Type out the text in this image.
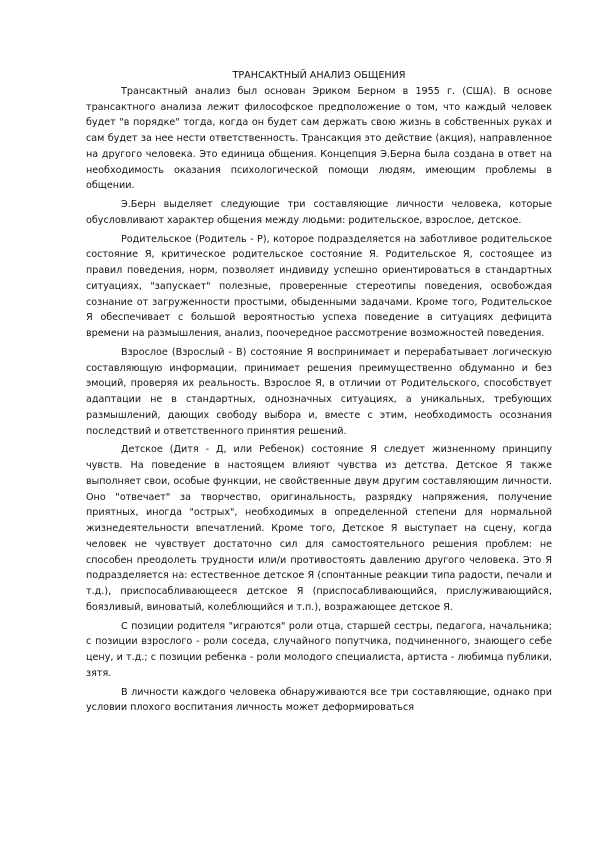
ТРАНСАКТНЫЙ АНАЛИЗ ОБЩЕНИЯ

Трансактный анализ был основан Эриком Берном в 1955 г. (США). В основе трансактного анализа лежит философское предположение о том, что каждый человек будет "в порядке" тогда, когда он будет сам держать свою жизнь в собственных руках и сам будет за нее нести ответственность. Трансакция это действие (акция), направленное на другого человека. Это единица общения. Концепция Э.Берна была создана в ответ на необходимость оказания психологической помощи людям, имеющим проблемы в общении.

Э.Берн выделяет следующие три составляющие личности человека, которые обусловливают характер общения между людьми: родительское, взрослое, детское.

Родительское (Родитель - Р), которое подразделяется на заботливое родительское состояние Я, критическое родительское состояние Я. Родительское Я, состоящее из правил поведения, норм, позволяет индивиду успешно ориентироваться в стандартных ситуациях, "запускает" полезные, проверенные стереотипы поведения, освобождая сознание от загруженности простыми, обыденными задачами. Кроме того, Родительское Я обеспечивает с большой вероятностью успеха поведение в ситуациях дефицита времени на размышления, анализ, поочередное рассмотрение возможностей поведения.

Взрослое (Взрослый - В) состояние Я воспринимает и перерабатывает логическую составляющую информации, принимает решения преимущественно обдуманно и без эмоций, проверяя их реальность. Взрослое Я, в отличии от Родительского, способствует адаптации не в стандартных, однозначных ситуациях, а уникальных, требующих размышлений, дающих свободу выбора и, вместе с этим, необходимость осознания последствий и ответственного принятия решений.

Детское (Дитя - Д, или Ребенок) состояние Я следует жизненному принципу чувств. На поведение в настоящем влияют чувства из детства. Детское Я также выполняет свои, особые функции, не свойственные двум другим составляющим личности. Оно "отвечает" за творчество, оригинальность, разрядку напряжения, получение приятных, иногда "острых", необходимых в определенной степени для нормальной жизнедеятельности впечатлений. Кроме того, Детское Я выступает на сцену, когда человек не чувствует достаточно сил для самостоятельного решения проблем: не способен преодолеть трудности или/и противостоять давлению другого человека. Это Я подразделяется на: естественное детское Я (спонтанные реакции типа радости, печали и т.д.), приспосабливающееся детское Я (приспосабливающийся, прислуживающийся, боязливый, виноватый, колеблющийся и т.п.), возражающее детское Я.

С позиции родителя "играются" роли отца, старшей сестры, педагога, начальника; с позиции взрослого - роли соседа, случайного попутчика, подчиненного, знающего себе цену, и т.д.; с позиции ребенка - роли молодого специалиста, артиста - любимца публики, зятя.

В личности каждого человека обнаруживаются все три составляющие, однако при условии плохого воспитания личность может деформироваться
